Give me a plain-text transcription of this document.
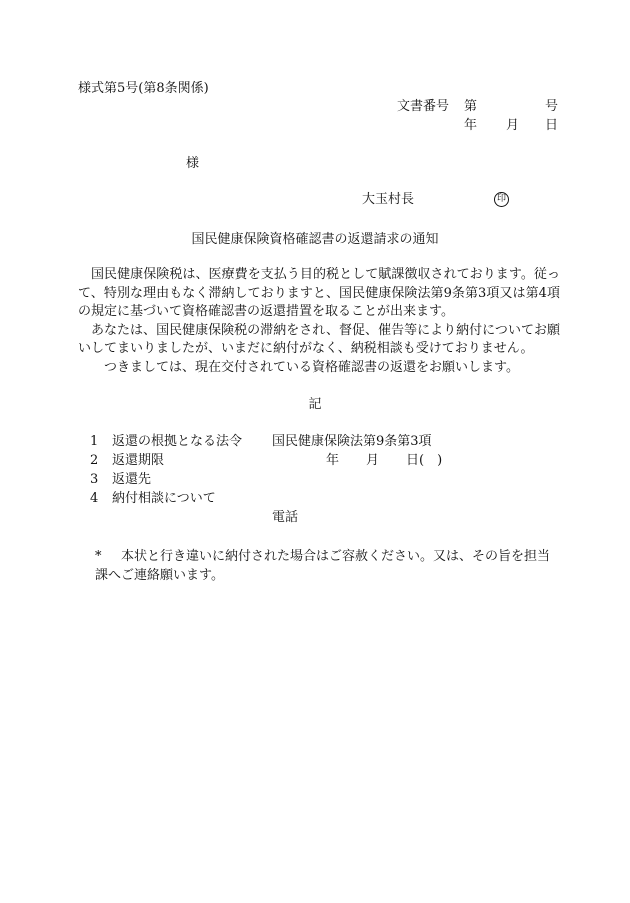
様式第5号(第8条関係)
文書番号 第	号
年 月 日
様
大玉村長	印
国民健康保険資格確認書の返還請求の通知

国民健康保険税は、医療費を支払う目的税として賦課徴収されております。従って、特別な理由もなく滞納しておりますと、国民健康保険法第9条第3項又は第4項の規定に基づいて資格確認書の返還措置を取ることが出来ます。

あなたは、国民健康保険税の滞納をされ、督促、催告等により納付についてお願いしてまいりましたが、いまだに納付がなく、納税相談も受けておりません。

つきましては、現在交付されている資格確認書の返還をお願いします。

記
1 返還の根拠となる法令 国民健康保険法第9条第3項
2 返還期限	年 月 日(　)
3 返還先
4 納付相談について
電話
*	本状と行き違いに納付された場合はご容赦ください。又は、その旨を担当課へご連絡願います。
